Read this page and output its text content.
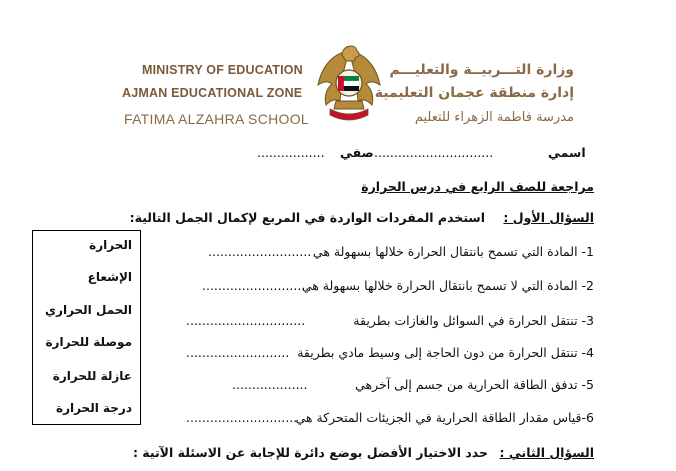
MINISTRY OF EDUCATION
AJMAN EDUCATIONAL ZONE
FATIMA ALZAHRA SCHOOL
وزارة التـــربيــة والتعليـــم
إدارة منطقة عجمان التعليمية
مدرسة فاطمة الزهراء للتعليم
اسمي
..............................
صفي
.................
مراجعة للصف الرابع في درس الحرارة
السؤال الأول :
استخدم المفردات الواردة في المربع لإكمال الجمل التالية:
1- المادة التي تسمح بانتقال الحرارة خلالها بسهولة هي
..........................
2- المادة التي لا تسمح بانتقال الحرارة خلالها بسهولة هي
...........................
3- تنتقل الحرارة في السوائل والغازات بطريقة
..............................
4- تنتقل الحرارة من دون الحاجة إلى وسيط مادي بطريقة
..........................
5- تدفق الطاقة الحرارية من جسم إلى آخرهي
...................
6-قياس مقدار الطاقة الحرارية في الجزيئات المتحركة هي
............................
الحرارة
الإشعاع
الحمل الحراري
موصلة للحرارة
عازلة للحرارة
درجة الحرارة
السؤال الثاني :
حدد الاختيار الأفضل بوضع دائرة للإجابة عن الاسئلة الآتية :
